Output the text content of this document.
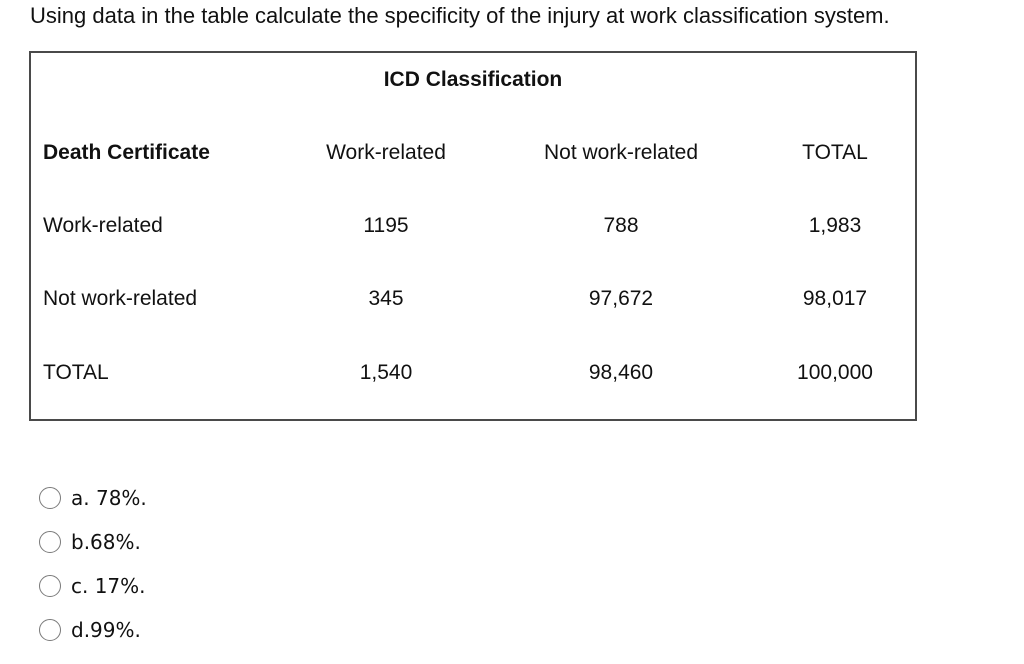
Using data in the table calculate the specificity of the injury at work classification system.
ICD Classification
Death Certificate	Work-related	Not work-related	TOTAL
Work-related	1195	788	1,983
Not work-related	345	97,672	98,017
TOTAL	1,540	98,460	100,000
a. 78%.
b.68%.
c. 17%.
d.99%.
